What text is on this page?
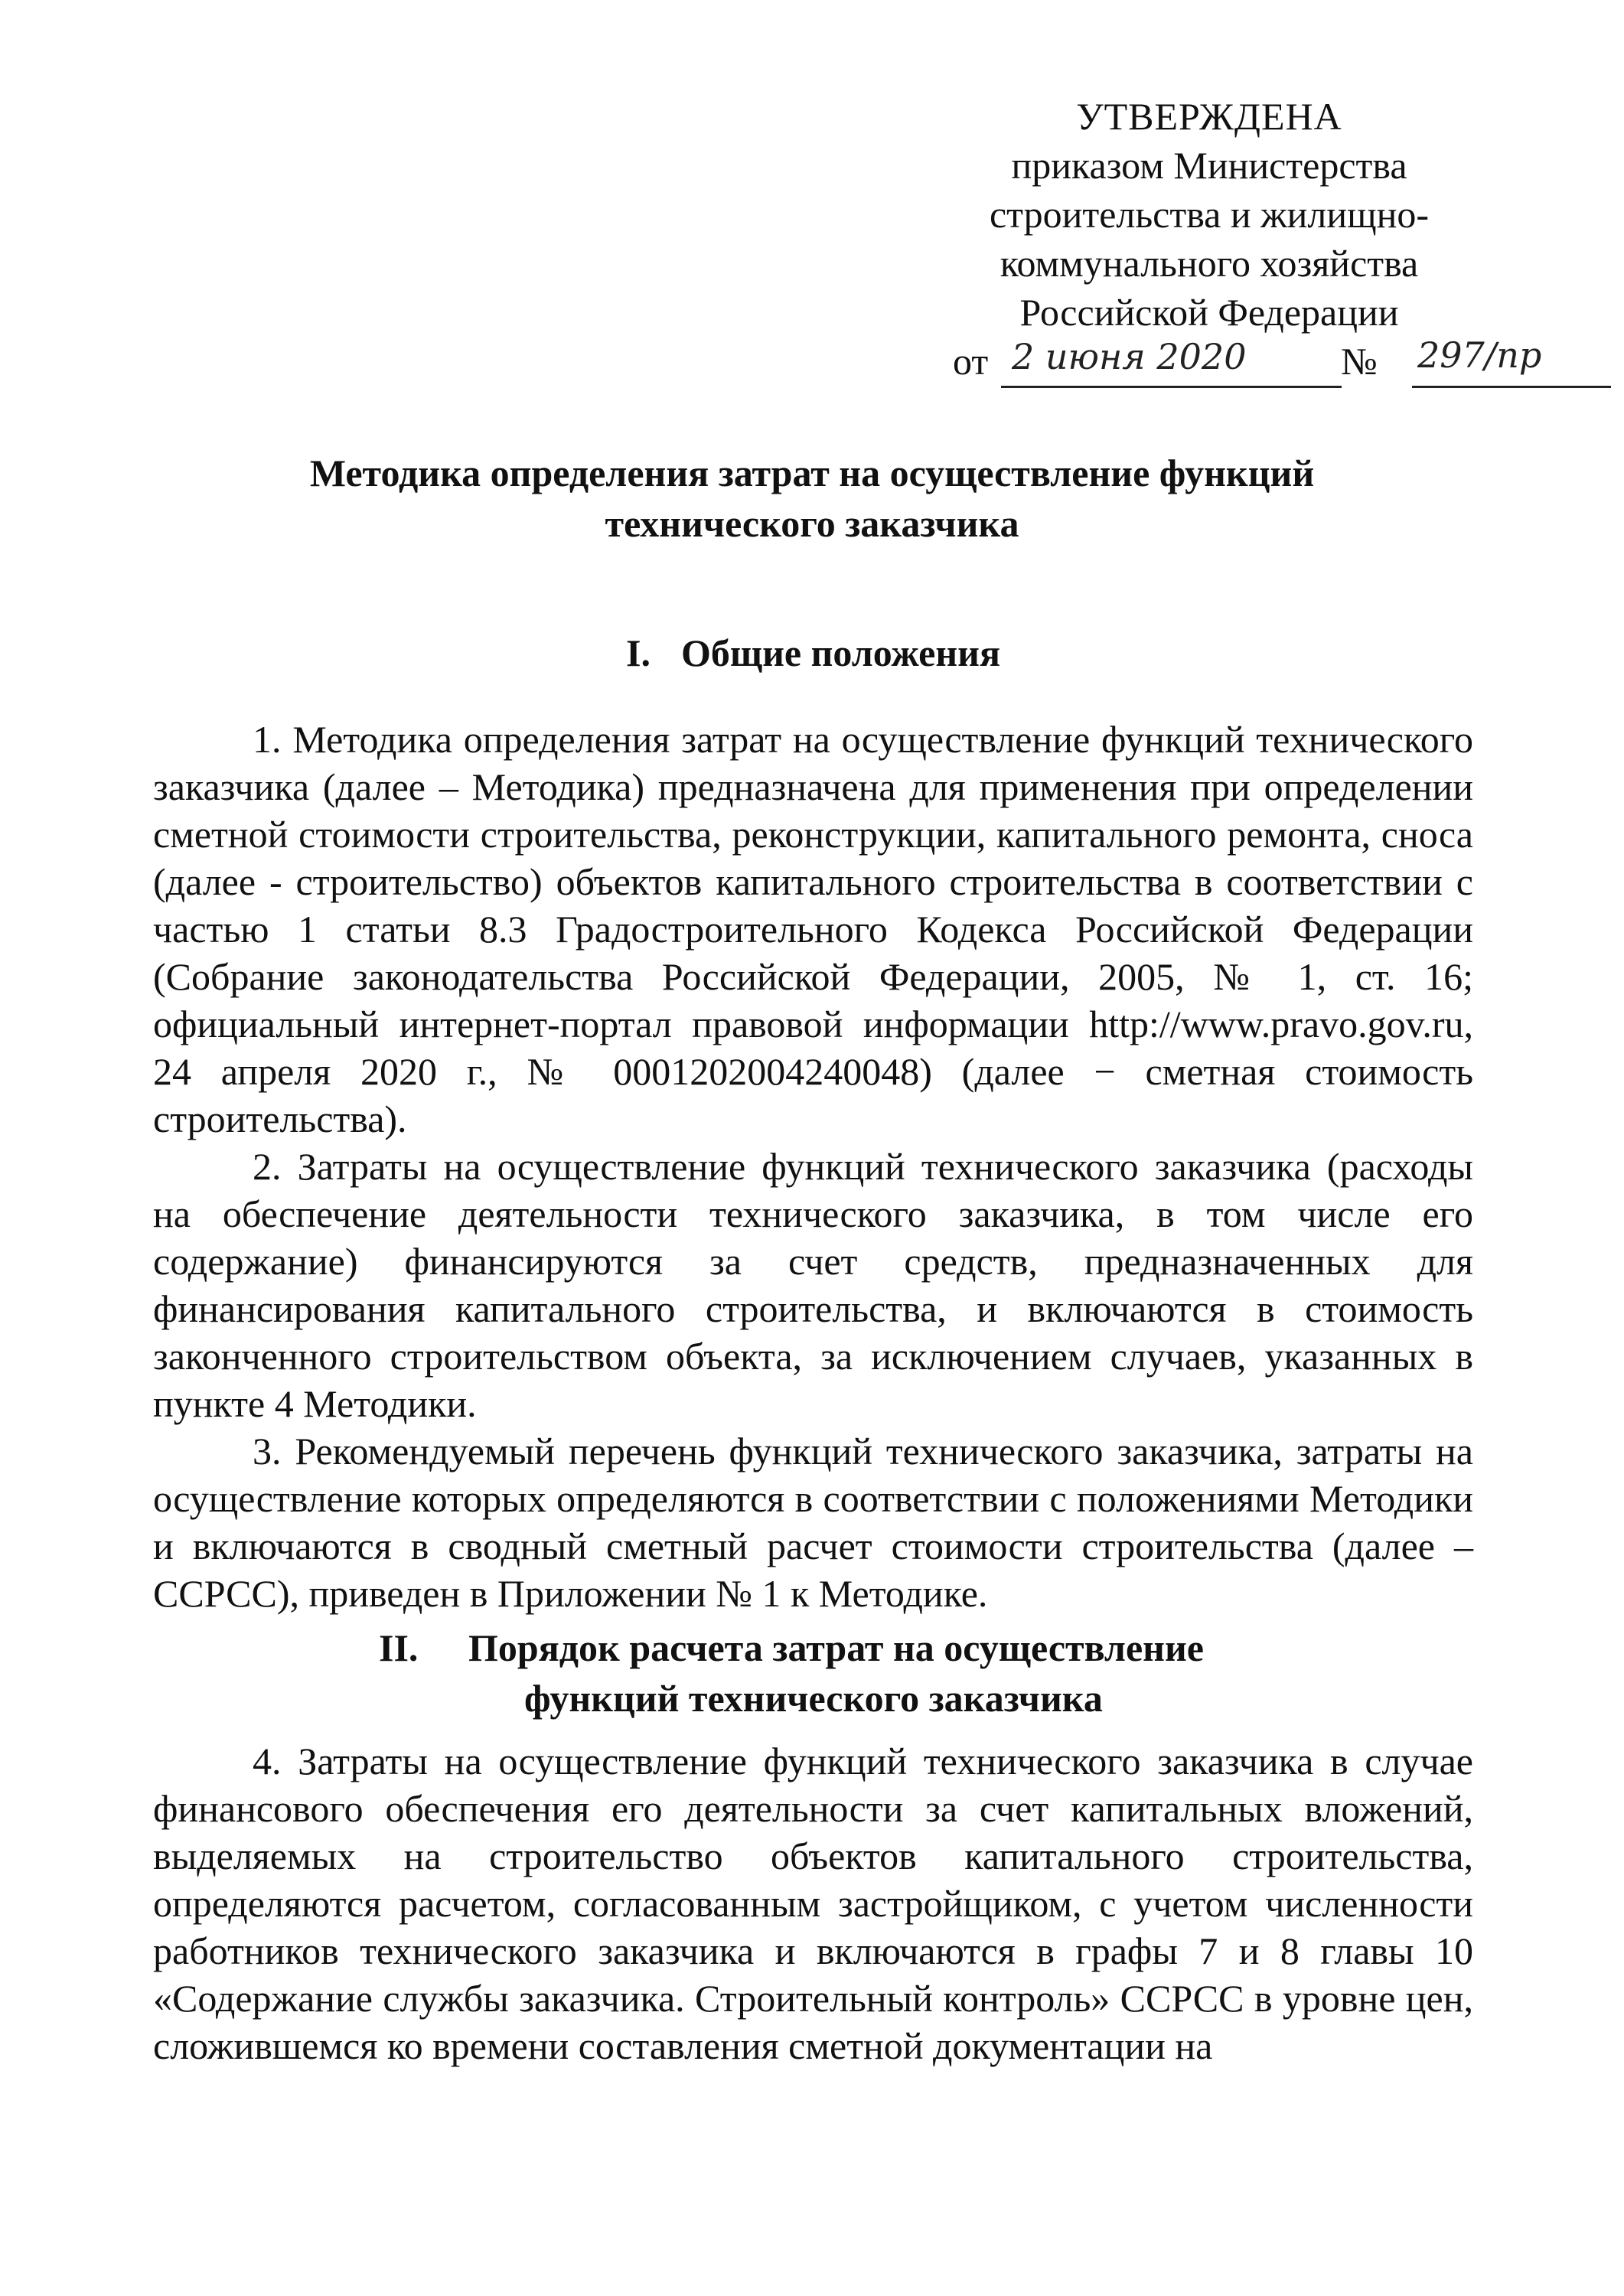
УТВЕРЖДЕНА
приказом Министерства
строительства и жилищно-
коммунального хозяйства
Российской Федерации
от 2 июня 2020 № 297/пр
Методика определения затрат на осуществление функций
технического заказчика
I. Общие положения

1. Методика определения затрат на осуществление функций технического заказчика (далее – Методика) предназначена для применения при определении сметной стоимости строительства, реконструкции, капитального ремонта, сноса (далее - строительство) объектов капитального строительства в соответствии с частью 1 статьи 8.3 Градостроительного Кодекса Российской Федерации (Собрание законодательства Российской Федерации, 2005, № 1, ст. 16; официальный интернет-портал правовой информации http://www.pravo.gov.ru, 24 апреля 2020 г., № 0001202004240048) (далее − сметная стоимость строительства).

2. Затраты на осуществление функций технического заказчика (расходы на обеспечение деятельности технического заказчика, в том числе его содержание) финансируются за счет средств, предназначенных для финансирования капитального строительства, и включаются в стоимость законченного строительством объекта, за исключением случаев, указанных в пункте 4 Методики.

3. Рекомендуемый перечень функций технического заказчика, затраты на осуществление которых определяются в соответствии с положениями Методики и включаются в сводный сметный расчет стоимости строительства (далее – ССРСС), приведен в Приложении № 1 к Методике.

II. Порядок расчета затрат на осуществление
функций технического заказчика

4. Затраты на осуществление функций технического заказчика в случае финансового обеспечения его деятельности за счет капитальных вложений, выделяемых на строительство объектов капитального строительства, определяются расчетом, согласованным застройщиком, с учетом численности работников технического заказчика и включаются в графы 7 и 8 главы 10 «Содержание службы заказчика. Строительный контроль» ССРСС в уровне цен, сложившемся ко времени составления сметной документации на
